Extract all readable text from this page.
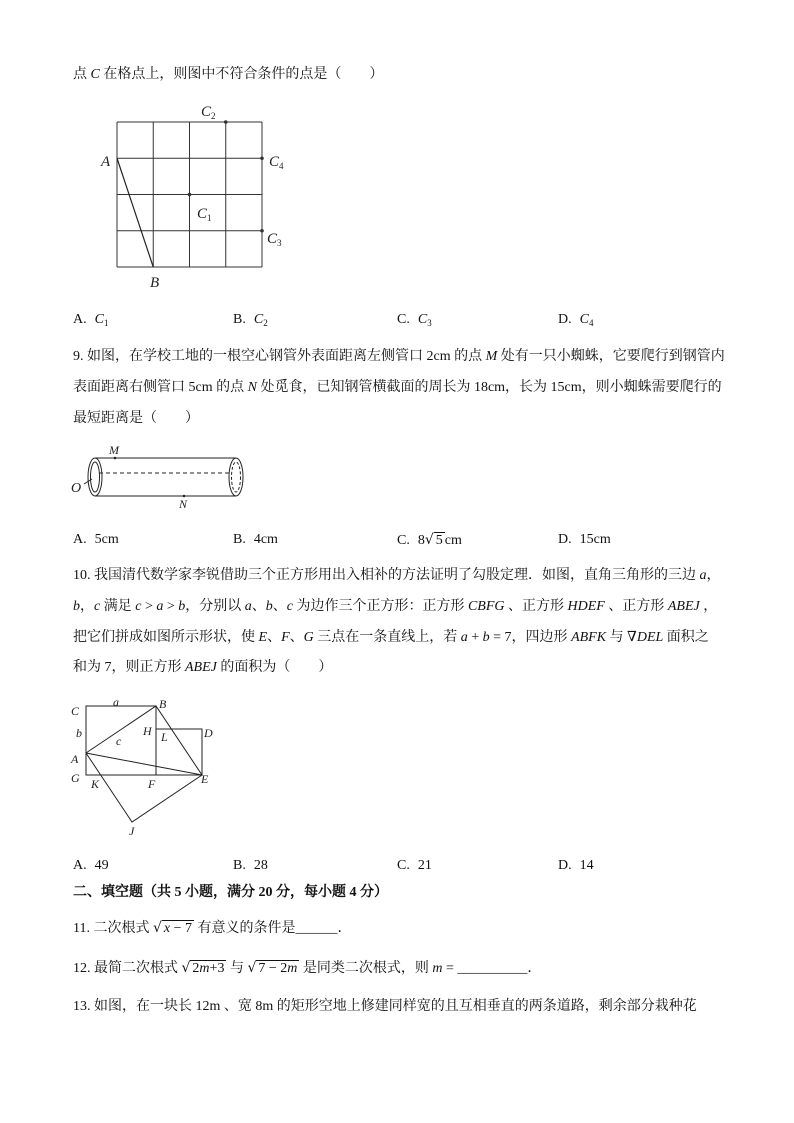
点 C 在格点上，则图中不符合条件的点是（　　）
A
B
$C_2$
$C_4$
$C_1$
$C_3$
A. $C_1$	B. $C_2$	C. $C_3$	D. $C_4$
9. 如图，在学校工地的一根空心钢管外表面距离左侧管口 2cm 的点 M 处有一只小蜘蛛，它要爬行到钢管内
表面距离右侧管口 5cm 的点 N 处觅食，已知钢管横截面的周长为 18cm，长为 15cm，则小蜘蛛需要爬行的
最短距离是（　　）
M
N
O
A. 5cm	B. 4cm	C. 8√ 5 cm	D. 15cm
10. 我国清代数学家李锐借助三个正方形用出入相补的方法证明了勾股定理．如图，直角三角形的三边 a，
b，c 满足 c > a > b，分别以 a、b、c 为边作三个正方形：正方形 CBFG 、正方形 HDEF 、正方形 ABEJ ，
把它们拼成如图所示形状，使 E、F、G 三点在一条直线上，若 a + b = 7，四边形 ABFK 与 ∇DEL 面积之
和为 7，则正方形 ABEJ 的面积为（　　）
C
a	B
b	H L	D
c
A
G K	F	E
J
A. 49	B. 28	C. 21	D. 14
二、填空题（共 5 小题，满分 20 分，每小题 4 分）
11. 二次根式 √ x − 7 有意义的条件是______．
12. 最简二次根式 √ 2m+3 与 √ 7 − 2m 是同类二次根式，则 m = __________．
13. 如图，在一块长 12m 、宽 8m 的矩形空地上修建同样宽的且互相垂直的两条道路，剩余部分栽种花
